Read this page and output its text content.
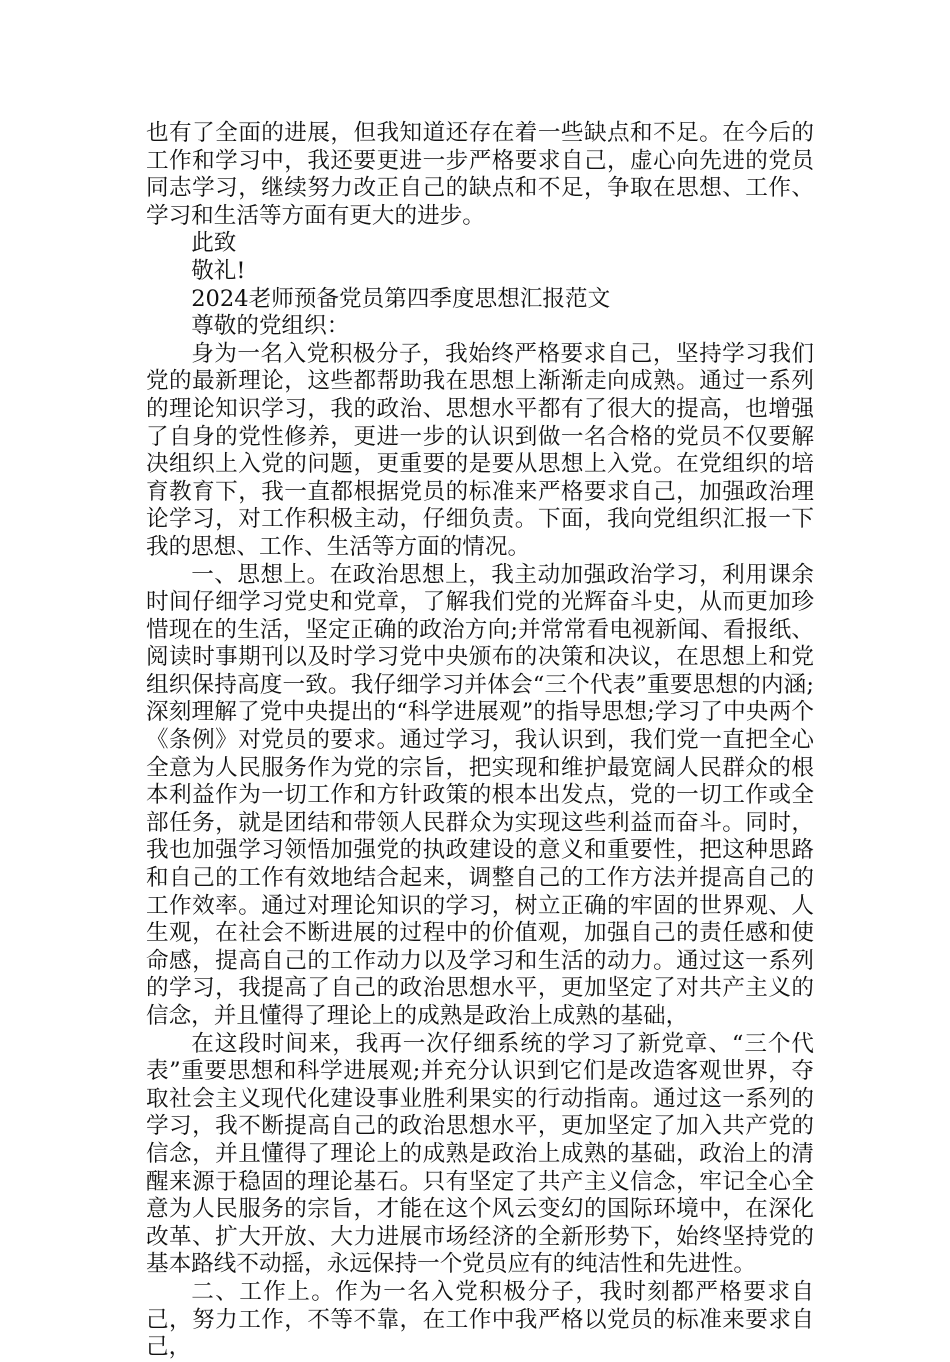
也有了全面的进展，但我知道还存在着一些缺点和不足。在今后的工作和学习中，我还要更进一步严格要求自己，虚心向先进的党员同志学习，继续努力改正自己的缺点和不足，争取在思想、工作、学习和生活等方面有更大的进步。

此致

敬礼!

2024老师预备党员第四季度思想汇报范文

尊敬的党组织：

身为一名入党积极分子，我始终严格要求自己，坚持学习我们党的最新理论，这些都帮助我在思想上渐渐走向成熟。通过一系列的理论知识学习，我的政治、思想水平都有了很大的提高，也增强了自身的党性修养，更进一步的认识到做一名合格的党员不仅要解决组织上入党的问题，更重要的是要从思想上入党。在党组织的培育教育下，我一直都根据党员的标准来严格要求自己，加强政治理论学习，对工作积极主动，仔细负责。下面，我向党组织汇报一下我的思想、工作、生活等方面的情况。

一、思想上。在政治思想上，我主动加强政治学习，利用课余时间仔细学习党史和党章，了解我们党的光辉奋斗史，从而更加珍惜现在的生活，坚定正确的政治方向;并常常看电视新闻、看报纸、阅读时事期刊以及时学习党中央颁布的决策和决议，在思想上和党组织保持高度一致。我仔细学习并体会“三个代表”重要思想的内涵;深刻理解了党中央提出的“科学进展观”的指导思想;学习了中央两个《条例》对党员的要求。通过学习，我认识到，我们党一直把全心全意为人民服务作为党的宗旨，把实现和维护最宽阔人民群众的根本利益作为一切工作和方针政策的根本出发点，党的一切工作或全部任务，就是团结和带领人民群众为实现这些利益而奋斗。同时，我也加强学习领悟加强党的执政建设的意义和重要性，把这种思路和自己的工作有效地结合起来，调整自己的工作方法并提高自己的工作效率。通过对理论知识的学习，树立正确的牢固的世界观、人生观，在社会不断进展的过程中的价值观，加强自己的责任感和使命感，提高自己的工作动力以及学习和生活的动力。通过这一系列的学习，我提高了自己的政治思想水平，更加坚定了对共产主义的信念，并且懂得了理论上的成熟是政治上成熟的基础，

在这段时间来，我再一次仔细系统的学习了新党章、“三个代表”重要思想和科学进展观;并充分认识到它们是改造客观世界，夺取社会主义现代化建设事业胜利果实的行动指南。通过这一系列的学习，我不断提高自己的政治思想水平，更加坚定了加入共产党的信念，并且懂得了理论上的成熟是政治上成熟的基础，政治上的清醒来源于稳固的理论基石。只有坚定了共产主义信念，牢记全心全意为人民服务的宗旨，才能在这个风云变幻的国际环境中，在深化改革、扩大开放、大力进展市场经济的全新形势下，始终坚持党的基本路线不动摇，永远保持一个党员应有的纯洁性和先进性。

二、工作上。作为一名入党积极分子，我时刻都严格要求自己，努力工作，不等不靠，在工作中我严格以党员的标准来要求自己，
